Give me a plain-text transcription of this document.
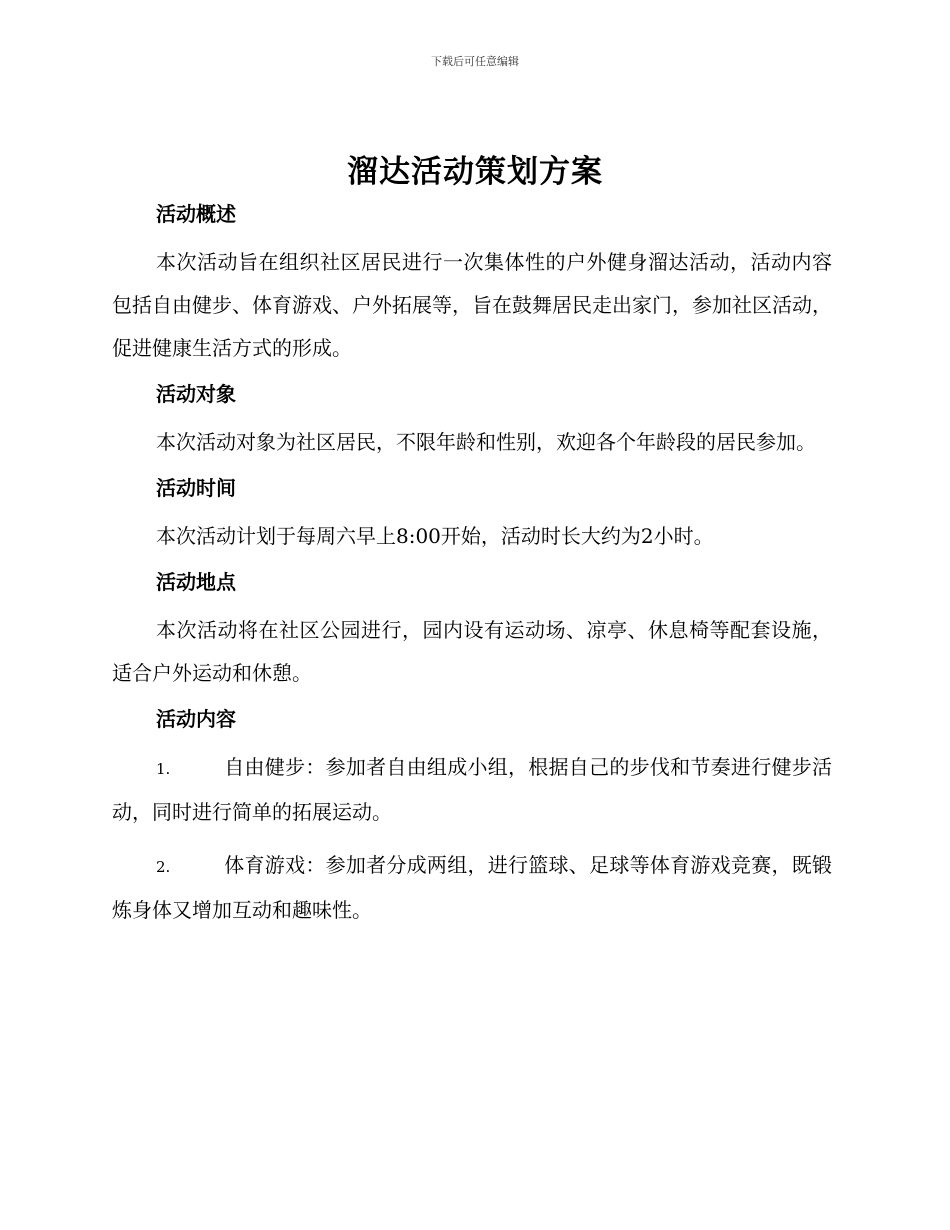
下载后可任意编辑
溜达活动策划方案
活动概述

本次活动旨在组织社区居民进行一次集体性的户外健身溜达活动，活动内容包括自由健步、体育游戏、户外拓展等，旨在鼓舞居民走出家门，参加社区活动，促进健康生活方式的形成。

活动对象

本次活动对象为社区居民，不限年龄和性别，欢迎各个年龄段的居民参加。

活动时间

本次活动计划于每周六早上8:00开始，活动时长大约为2小时。

活动地点

本次活动将在社区公园进行，园内设有运动场、凉亭、休息椅等配套设施，适合户外运动和休憩。

活动内容

1.	自由健步：参加者自由组成小组，根据自己的步伐和节奏进行健步活动，同时进行简单的拓展运动。

2.	体育游戏：参加者分成两组，进行篮球、足球等体育游戏竞赛，既锻炼身体又增加互动和趣味性。
